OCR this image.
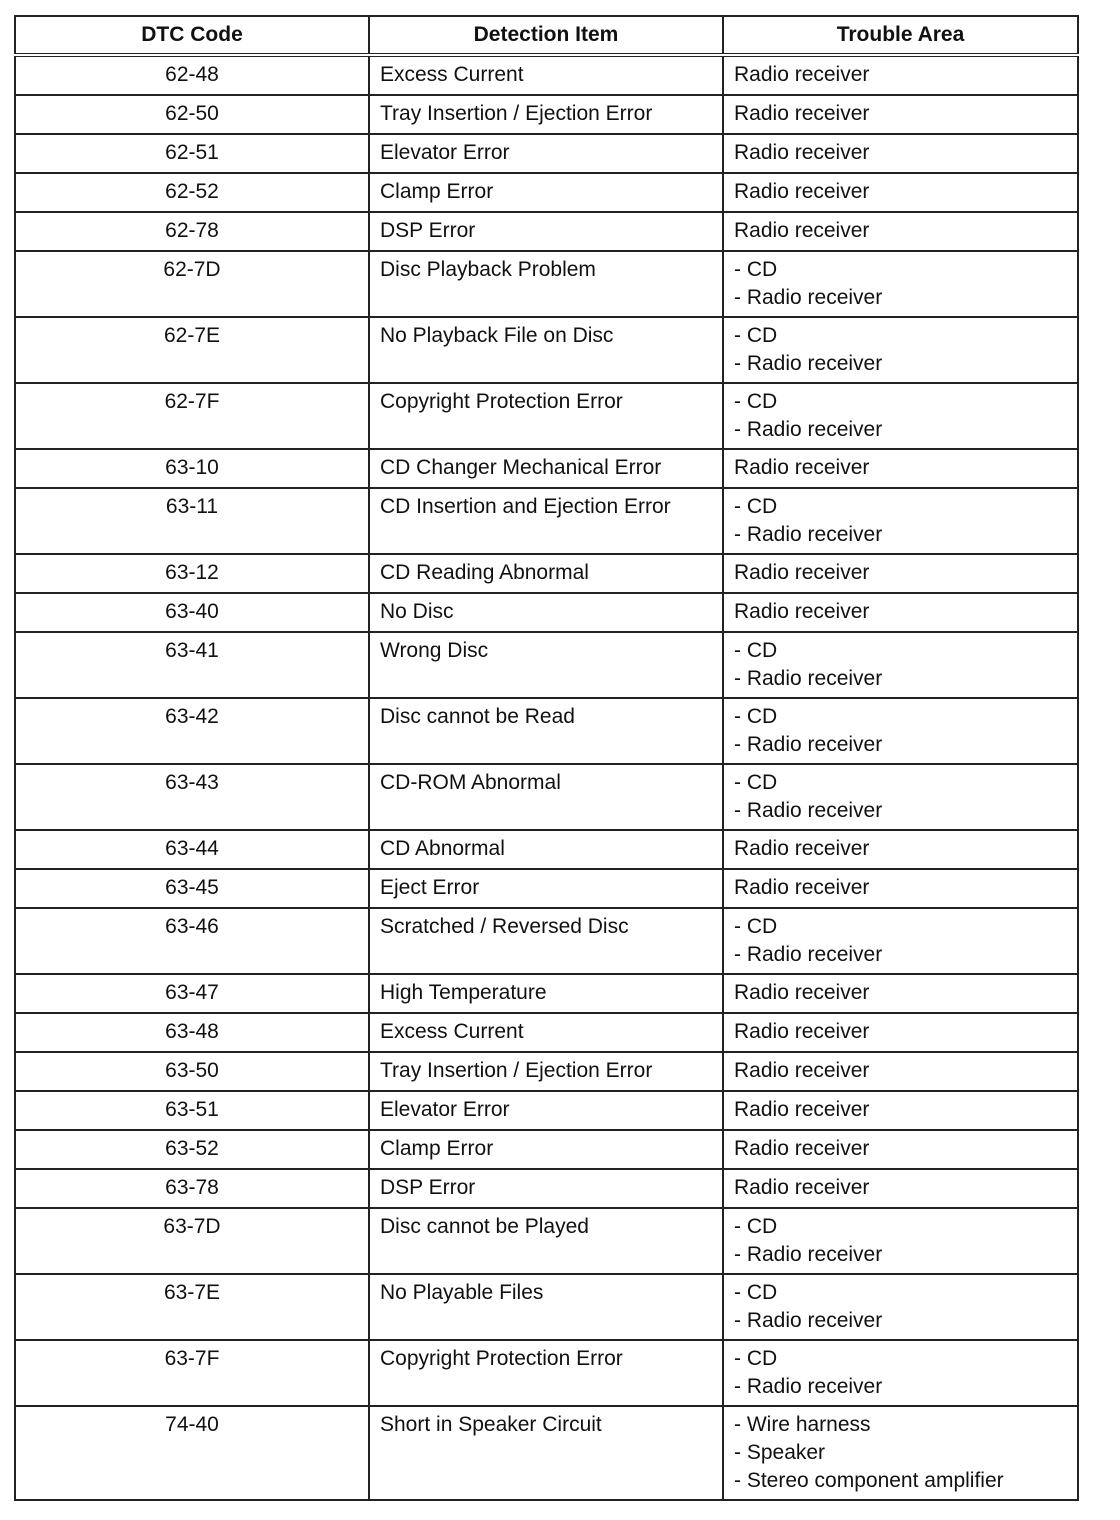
DTC Code	Detection Item	Trouble Area
62-48	Excess Current	Radio receiver
62-50	Tray Insertion / Ejection Error	Radio receiver
62-51	Elevator Error	Radio receiver
62-52	Clamp Error	Radio receiver
62-78	DSP Error	Radio receiver
62-7D	Disc Playback Problem	- CD
- Radio receiver
62-7E	No Playback File on Disc	- CD
- Radio receiver
62-7F	Copyright Protection Error	- CD
- Radio receiver
63-10	CD Changer Mechanical Error	Radio receiver
63-11	CD Insertion and Ejection Error	- CD
- Radio receiver
63-12	CD Reading Abnormal	Radio receiver
63-40	No Disc	Radio receiver
63-41	Wrong Disc	- CD
- Radio receiver
63-42	Disc cannot be Read	- CD
- Radio receiver
63-43	CD-ROM Abnormal	- CD
- Radio receiver
63-44	CD Abnormal	Radio receiver
63-45	Eject Error	Radio receiver
63-46	Scratched / Reversed Disc	- CD
- Radio receiver
63-47	High Temperature	Radio receiver
63-48	Excess Current	Radio receiver
63-50	Tray Insertion / Ejection Error	Radio receiver
63-51	Elevator Error	Radio receiver
63-52	Clamp Error	Radio receiver
63-78	DSP Error	Radio receiver
63-7D	Disc cannot be Played	- CD
- Radio receiver
63-7E	No Playable Files	- CD
- Radio receiver
63-7F	Copyright Protection Error	- CD
- Radio receiver
74-40	Short in Speaker Circuit	- Wire harness
- Speaker
- Stereo component amplifier
